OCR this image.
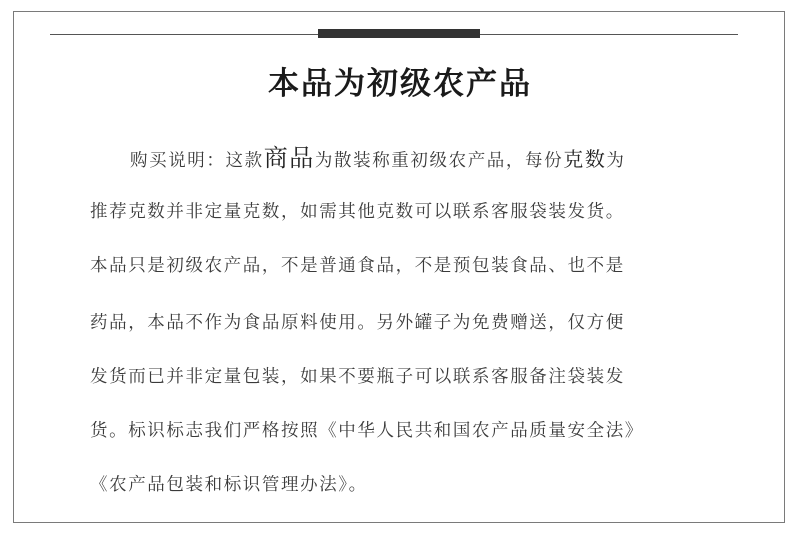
本品为初级农产品
购买说明：这款商品为散装称重初级农产品，每份克数为
推荐克数并非定量克数，如需其他克数可以联系客服袋装发货。
本品只是初级农产品，不是普通食品，不是预包装食品、也不是
药品，本品不作为食品原料使用。另外罐子为免费赠送，仅方便
发货而已并非定量包装，如果不要瓶子可以联系客服备注袋装发
货。标识标志我们严格按照《中华人民共和国农产品质量安全法》
《农产品包装和标识管理办法》。
